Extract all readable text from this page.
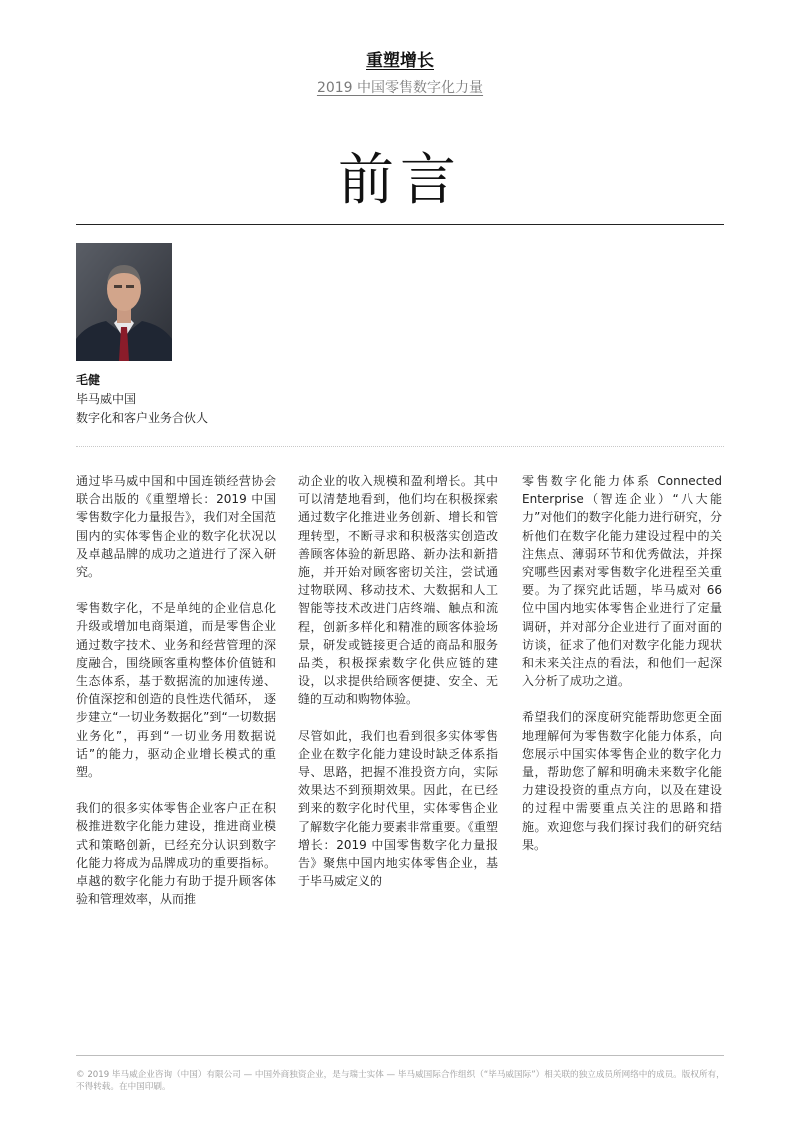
重塑增长
2019 中国零售数字化力量
前言
毛健
毕马威中国
数字化和客户业务合伙人

通过毕马威中国和中国连锁经营协会联合出版的《重塑增长：2019 中国零售数字化力量报告》，我们对全国范围内的实体零售企业的数字化状况以及卓越品牌的成功之道进行了深入研究。

零售数字化，不是单纯的企业信息化升级或增加电商渠道，而是零售企业通过数字技术、业务和经营管理的深度融合，围绕顾客重构整体价值链和生态体系，基于数据流的加速传递、价值深挖和创造的良性迭代循环， 逐步建立“一切业务数据化”到“一切数据业务化”，再到“一切业务用数据说话”的能力，驱动企业增长模式的重塑。

我们的很多实体零售企业客户正在积极推进数字化能力建设，推进商业模式和策略创新，已经充分认识到数字化能力将成为品牌成功的重要指标。卓越的数字化能力有助于提升顾客体验和管理效率，从而推

动企业的收入规模和盈利增长。其中可以清楚地看到，他们均在积极探索通过数字化推进业务创新、增长和管理转型，不断寻求和积极落实创造改善顾客体验的新思路、新办法和新措施，并开始对顾客密切关注，尝试通过物联网、移动技术、大数据和人工智能等技术改进门店终端、触点和流程，创新多样化和精准的顾客体验场景，研发或链接更合适的商品和服务品类，积极探索数字化供应链的建设，以求提供给顾客便捷、安全、无缝的互动和购物体验。

尽管如此，我们也看到很多实体零售企业在数字化能力建设时缺乏体系指导、思路，把握不准投资方向，实际效果达不到预期效果。因此，在已经到来的数字化时代里，实体零售企业了解数字化能力要素非常重要。《重塑增长：2019 中国零售数字化力量报告》聚焦中国内地实体零售企业，基于毕马威定义的

零售数字化能力体系 Connected Enterprise（智连企业）“八大能力”对他们的数字化能力进行研究，分析他们在数字化能力建设过程中的关注焦点、薄弱环节和优秀做法，并探究哪些因素对零售数字化进程至关重要。为了探究此话题，毕马威对 66 位中国内地实体零售企业进行了定量调研，并对部分企业进行了面对面的访谈，征求了他们对数字化能力现状和未来关注点的看法，和他们一起深入分析了成功之道。

希望我们的深度研究能帮助您更全面地理解何为零售数字化能力体系，向您展示中国实体零售企业的数字化力量，帮助您了解和明确未来数字化能力建设投资的重点方向，以及在建设的过程中需要重点关注的思路和措施。欢迎您与我们探讨我们的研究结果。

© 2019 毕马威企业咨询（中国）有限公司 — 中国外商独资企业，是与瑞士实体 — 毕马威国际合作组织（“毕马威国际”）相关联的独立成员所网络中的成员。版权所有，不得转载。在中国印刷。
